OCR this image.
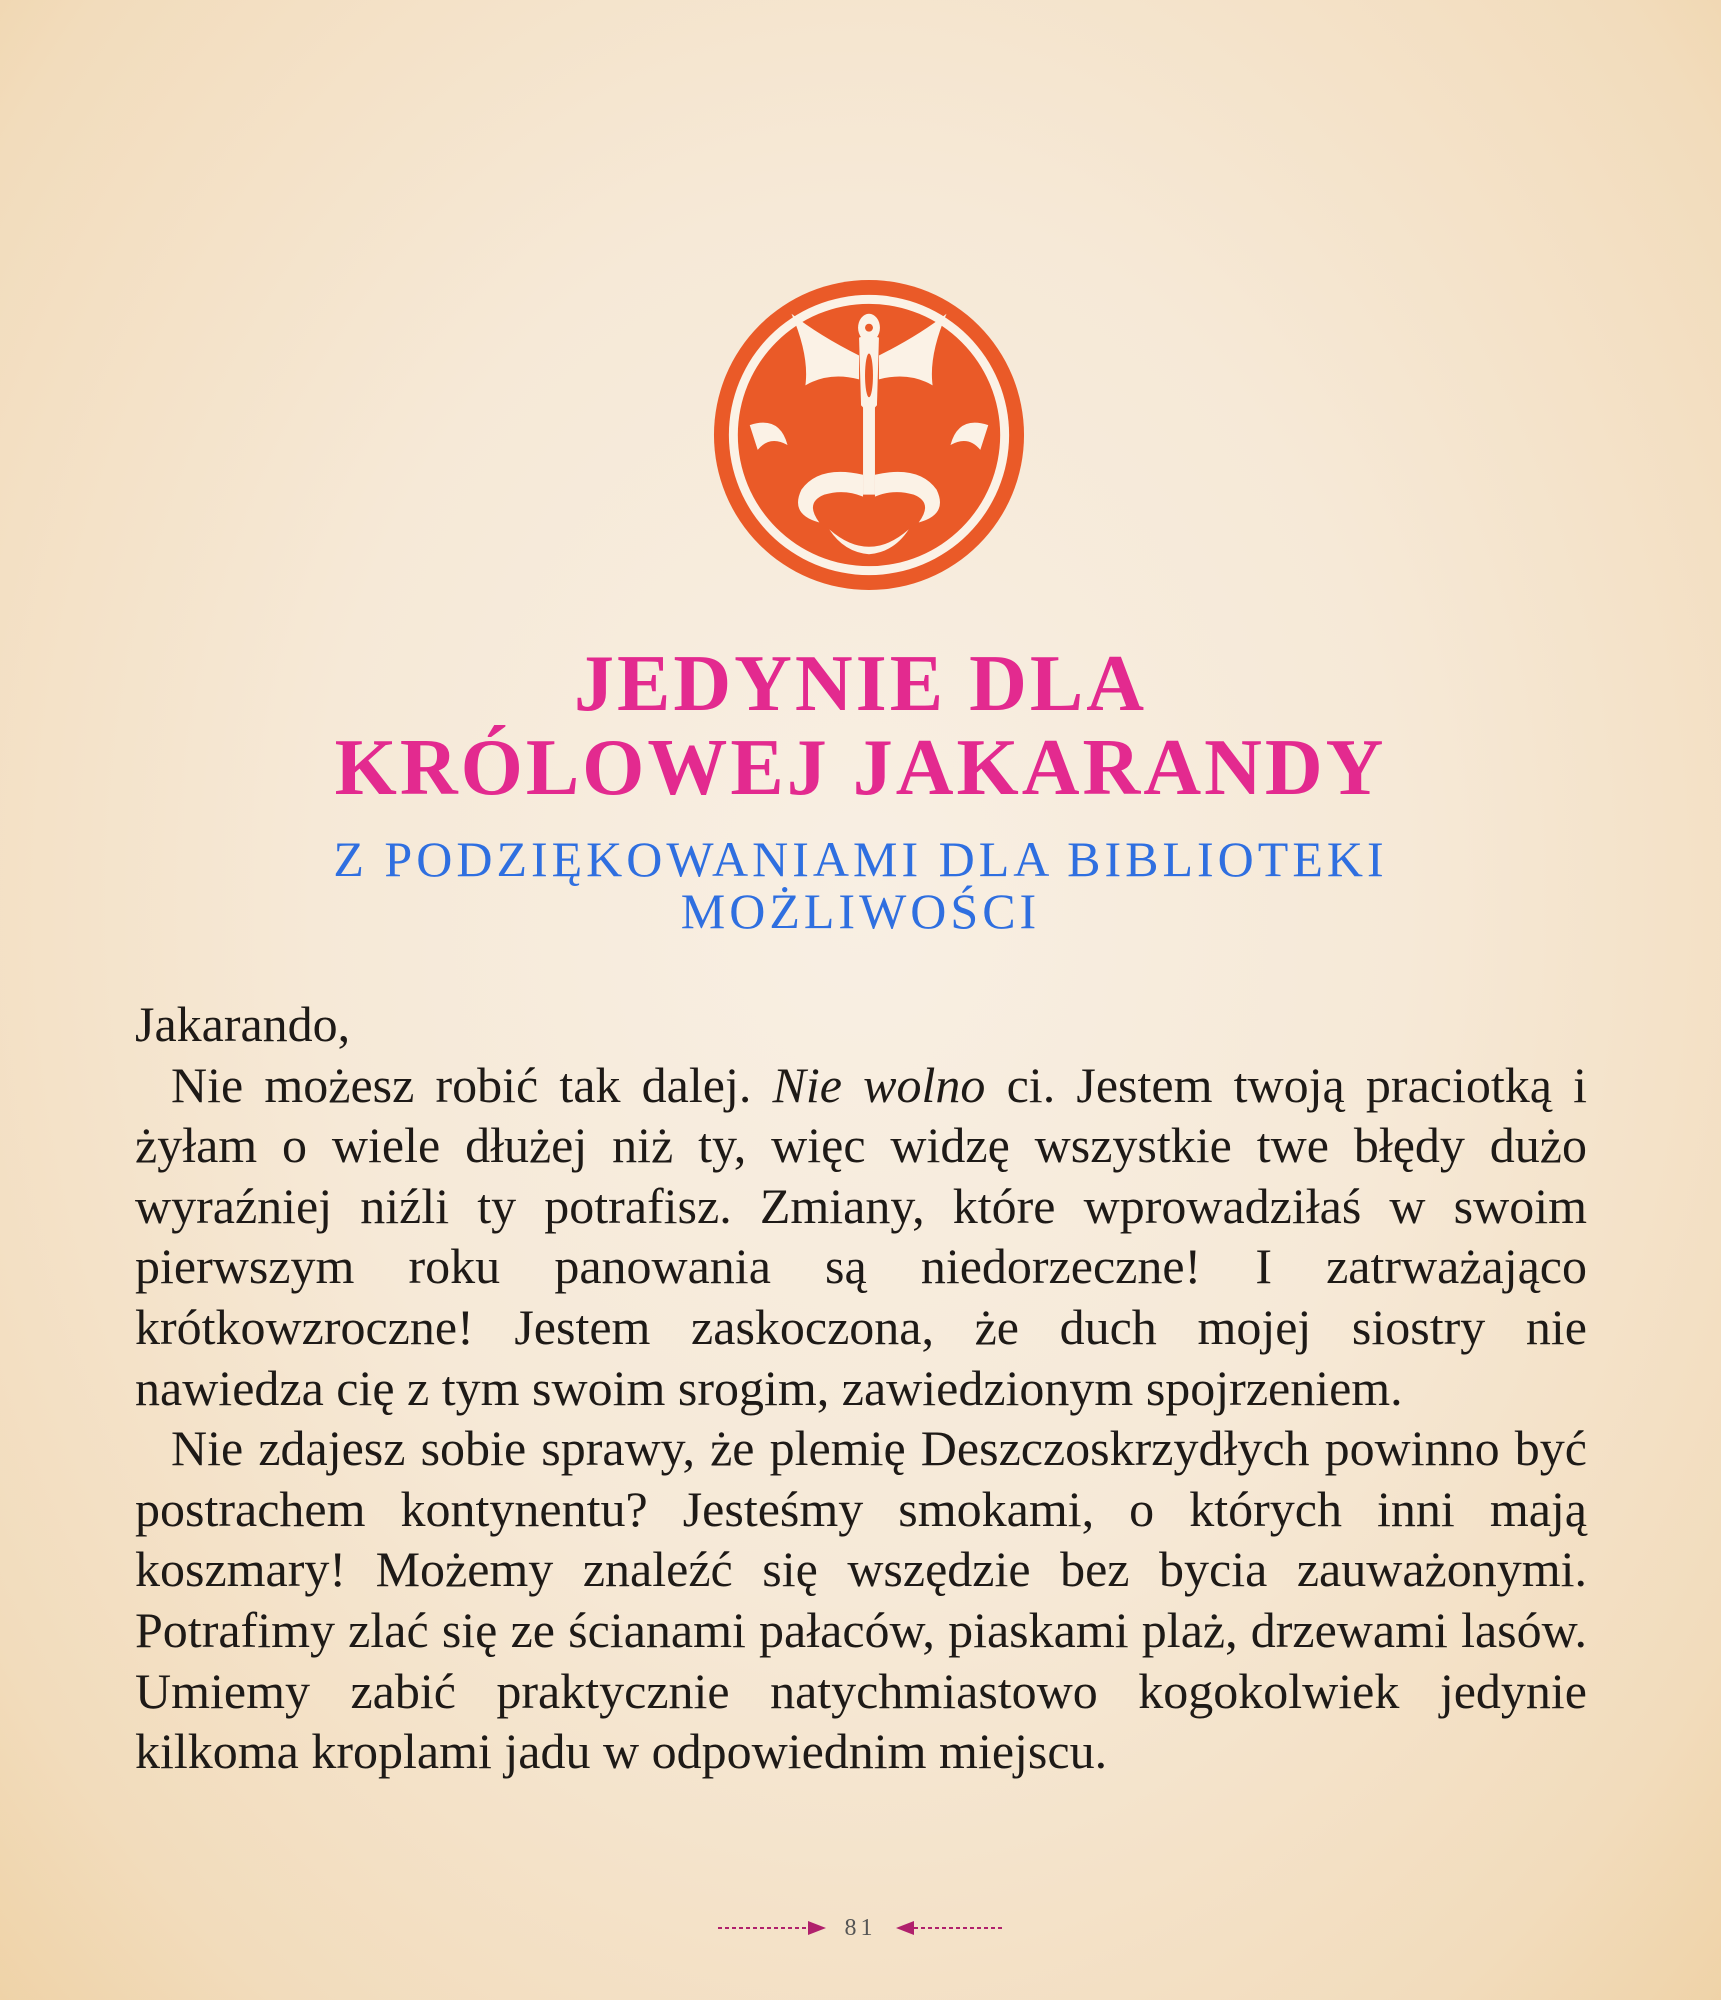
JEDYNIE DLA
KRÓLOWEJ JAKARANDY
Z PODZIĘKOWANIAMI DLA BIBLIOTEKI
MOŻLIWOŚCI

Jakarando,

Nie możesz robić tak dalej. Nie wolno ci. Jestem twoją praciotką i żyłam o wiele dłużej niż ty, więc widzę wszystkie twe błędy dużo wyraźniej niźli ty potrafisz. Zmiany, które wprowadziłaś w swoim pierwszym roku panowania są niedorzeczne! I zatrważająco krótkowzroczne! Jestem zaskoczona, że duch mojej siostry nie nawiedza cię z tym swoim srogim, zawiedzionym spojrzeniem.

Nie zdajesz sobie sprawy, że plemię Deszczoskrzydłych powinno być postrachem kontynentu? Jesteśmy smokami, o których inni mają koszmary! Możemy znaleźć się wszędzie bez bycia zauważonymi. Potrafimy zlać się ze ścianami pałaców, piaskami plaż, drzewami lasów. Umiemy zabić praktycznie natychmiastowo kogokolwiek jedynie kilkoma kroplami jadu w odpowiednim miejscu.

81
